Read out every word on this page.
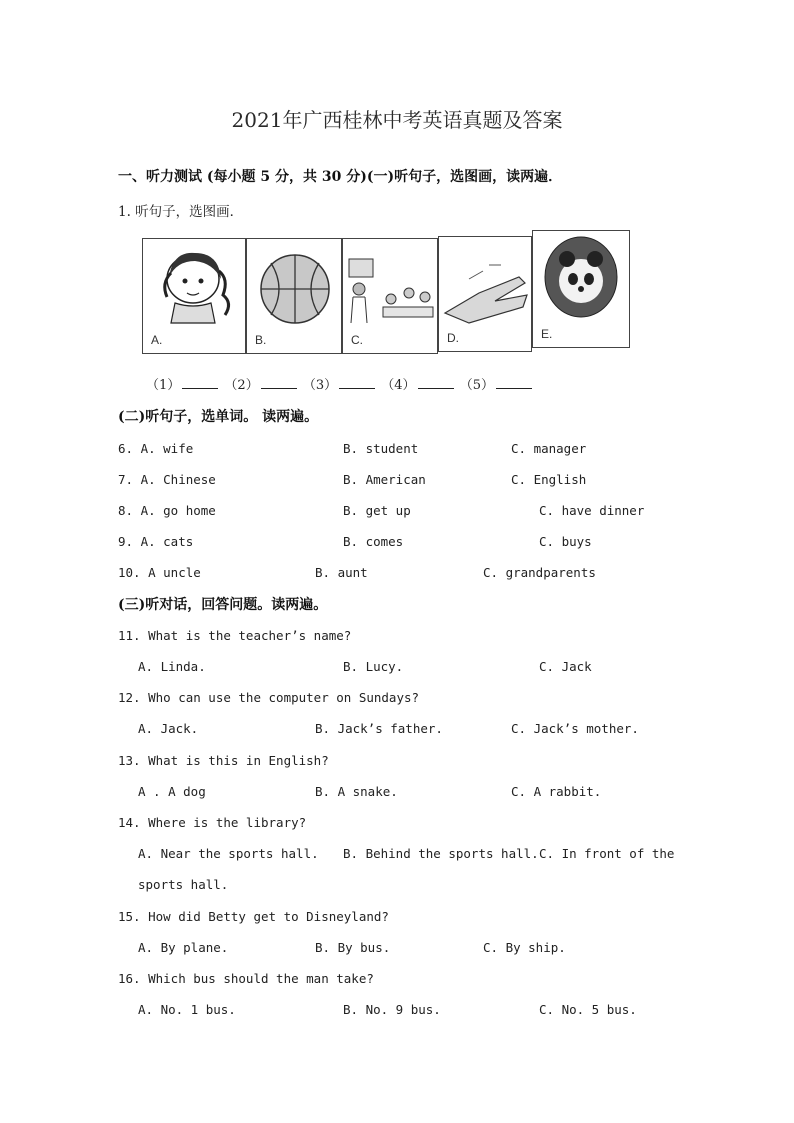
2021年广西桂林中考英语真题及答案
一、听力测试 (每小题 5 分，共 30 分)(一)听句子，选图画，读两遍．
1. 听句子，选图画．
A.	B.	C.	D.	E.
（1）	（2）	（3）	（4）	（5）
(二)听句子，选单词。 读两遍。
6. A. wife	B. student	C. manager
7. A. Chinese	B. American	C. English
8. A. go home	B. get up	C. have dinner
9. A. cats	B. comes	C. buys
10. A uncle	B. aunt	C. grandparents
(三)听对话，回答问题。读两遍。
11. What is the teacher’s name?
A. Linda.	B. Lucy.	C. Jack
12. Who can use the computer on Sundays?
A. Jack.	B. Jack’s father.	C. Jack’s mother.
13. What is this in English?
A . A dog	B. A snake.	C. A rabbit.
14. Where is the library?
A. Near the sports hall. B. Behind the sports hall. C. In front of the
sports hall.
15. How did Betty get to Disneyland?
A. By plane.	B. By bus.	C. By ship.
16. Which bus should the man take?
A. No. 1 bus.	B. No. 9 bus.	C. No. 5 bus.
